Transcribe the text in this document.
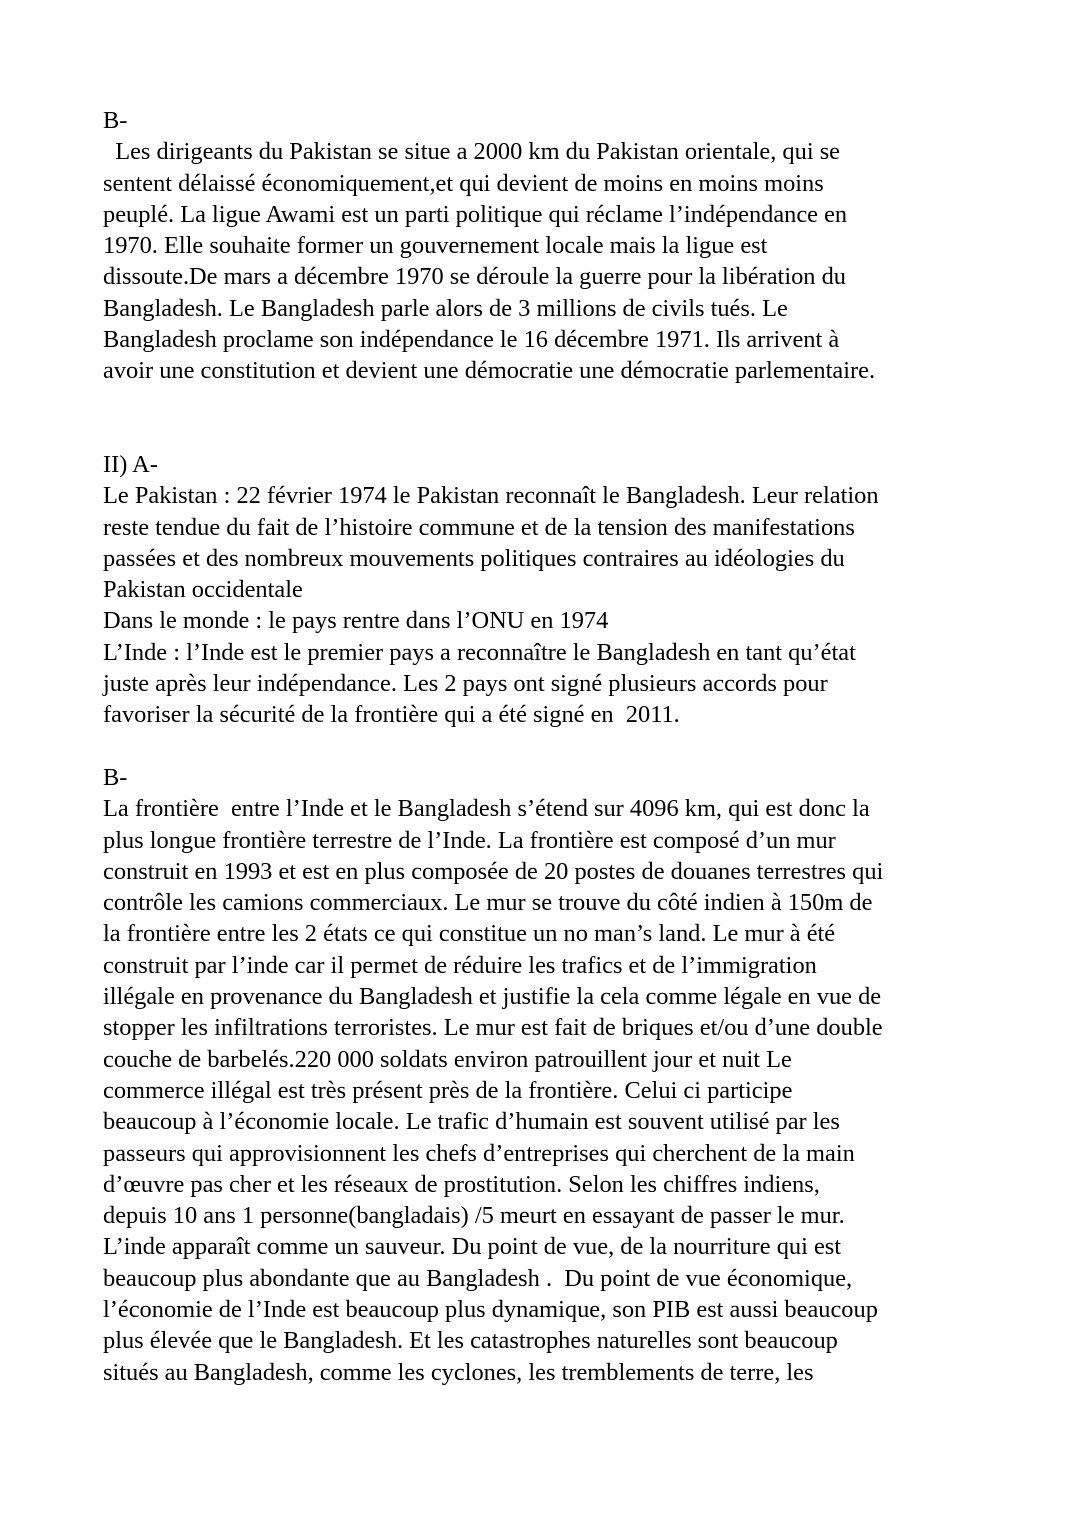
B-
Les dirigeants du Pakistan se situe a 2000 km du Pakistan orientale, qui se
sentent délaissé économiquement,et qui devient de moins en moins moins
peuplé. La ligue Awami est un parti politique qui réclame l’indépendance en
1970. Elle souhaite former un gouvernement locale mais la ligue est
dissoute.De mars a décembre 1970 se déroule la guerre pour la libération du
Bangladesh. Le Bangladesh parle alors de 3 millions de civils tués. Le
Bangladesh proclame son indépendance le 16 décembre 1971. Ils arrivent à
avoir une constitution et devient une démocratie une démocratie parlementaire.
II) A-
Le Pakistan : 22 février 1974 le Pakistan reconnaît le Bangladesh. Leur relation
reste tendue du fait de l’histoire commune et de la tension des manifestations
passées et des nombreux mouvements politiques contraires au idéologies du
Pakistan occidentale
Dans le monde : le pays rentre dans l’ONU en 1974
L’Inde : l’Inde est le premier pays a reconnaître le Bangladesh en tant qu’état
juste après leur indépendance. Les 2 pays ont signé plusieurs accords pour
favoriser la sécurité de la frontière qui a été signé en  2011.
B-
La frontière  entre l’Inde et le Bangladesh s’étend sur 4096 km, qui est donc la
plus longue frontière terrestre de l’Inde. La frontière est composé d’un mur
construit en 1993 et est en plus composée de 20 postes de douanes terrestres qui
contrôle les camions commerciaux. Le mur se trouve du côté indien à 150m de
la frontière entre les 2 états ce qui constitue un no man’s land. Le mur à été
construit par l’inde car il permet de réduire les trafics et de l’immigration
illégale en provenance du Bangladesh et justifie la cela comme légale en vue de
stopper les infiltrations terroristes. Le mur est fait de briques et/ou d’une double
couche de barbelés.220 000 soldats environ patrouillent jour et nuit Le
commerce illégal est très présent près de la frontière. Celui ci participe
beaucoup à l’économie locale. Le trafic d’humain est souvent utilisé par les
passeurs qui approvisionnent les chefs d’entreprises qui cherchent de la main
d’œuvre pas cher et les réseaux de prostitution. Selon les chiffres indiens,
depuis 10 ans 1 personne(bangladais) /5 meurt en essayant de passer le mur.
L’inde apparaît comme un sauveur. Du point de vue, de la nourriture qui est
beaucoup plus abondante que au Bangladesh .  Du point de vue économique,
l’économie de l’Inde est beaucoup plus dynamique, son PIB est aussi beaucoup
plus élevée que le Bangladesh. Et les catastrophes naturelles sont beaucoup
situés au Bangladesh, comme les cyclones, les tremblements de terre, les
